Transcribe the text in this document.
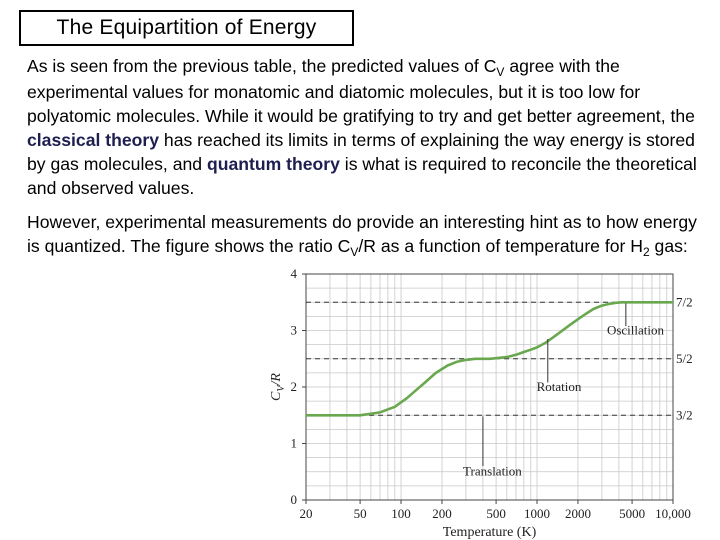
The Equipartition of Energy

As is seen from the previous table, the predicted values of $C_V$ agree with the experimental values for monatomic and diatomic molecules, but it is too low for polyatomic molecules. While it would be gratifying to try and get better agreement, the classical theory has reached its limits in terms of explaining the way energy is stored by gas molecules, and quantum theory is what is required to reconcile the theoretical and observed values.

However, experimental measurements do provide an interesting hint as to how energy is quantized. The figure shows the ratio $C_V/R$ as a function of temperature for $H_2$ gas:

3/2
5/2
7/2
0
1
2
3
4
20	50 100 200	500 1000 2000 5000 10,000
Temperature (K)
$C_V/R$
Translation
Rotation
Oscillation
